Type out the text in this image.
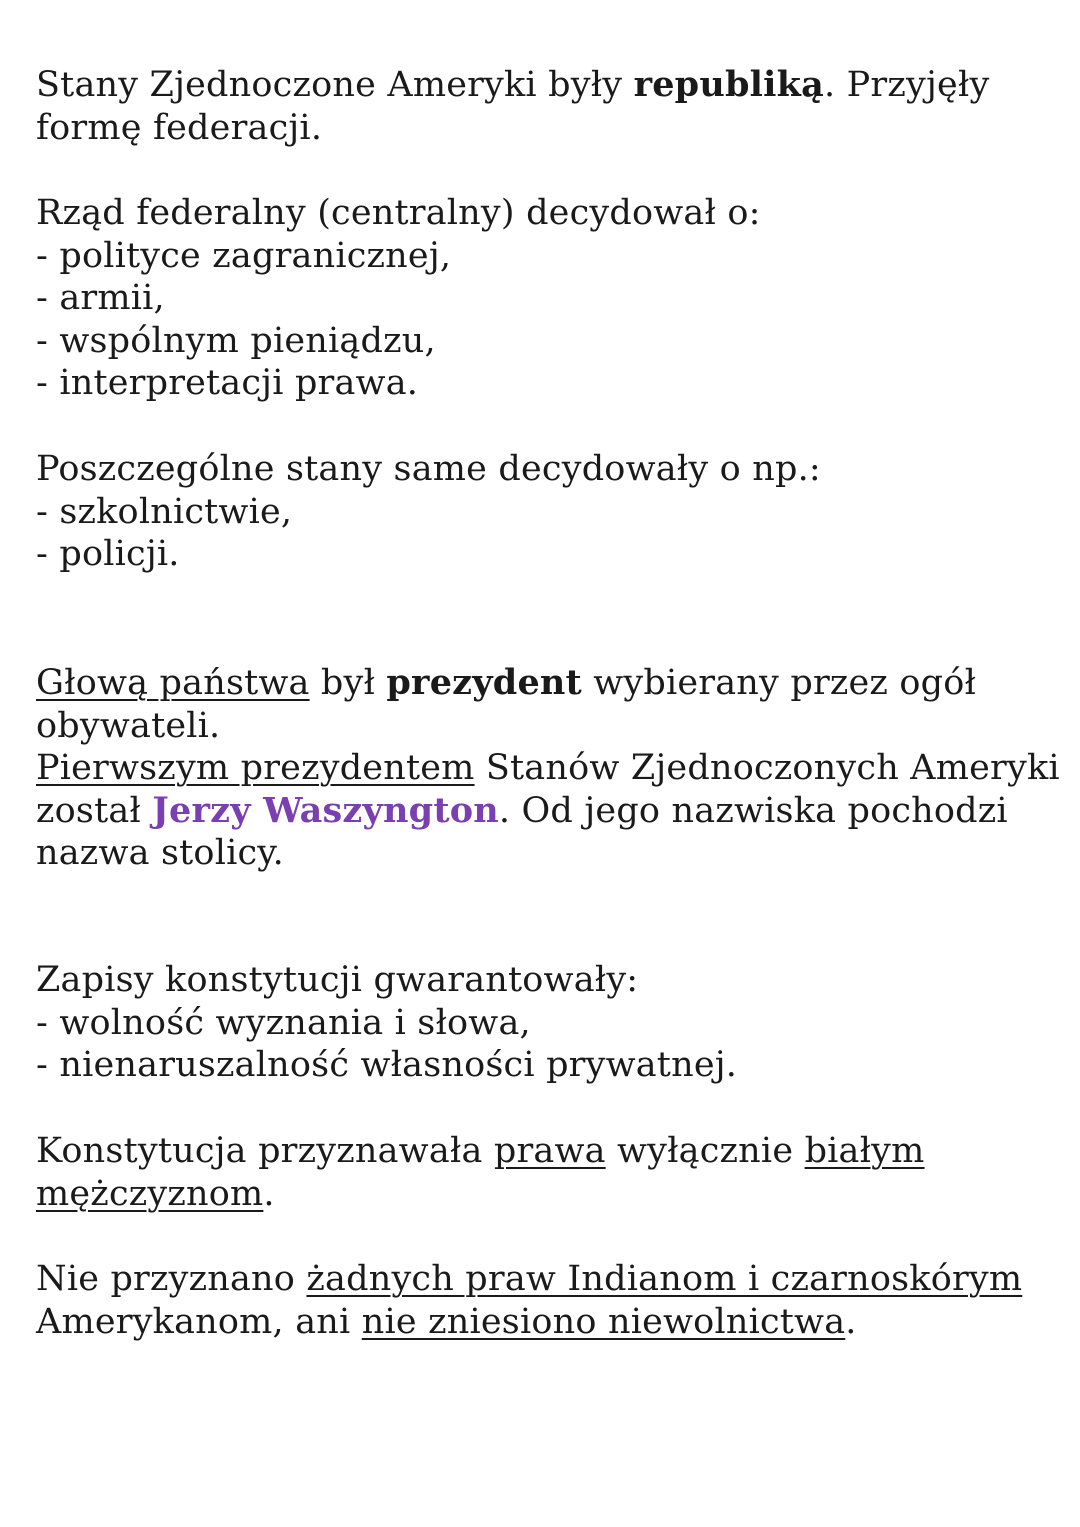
Stany Zjednoczone Ameryki były republiką. Przyjęły
formę federacji.
Rząd federalny (centralny) decydował o:
- polityce zagranicznej,
- armii,
- wspólnym pieniądzu,
- interpretacji prawa.
Poszczególne stany same decydowały o np.:
- szkolnictwie,
- policji.
Głową państwa był prezydent wybierany przez ogół
obywateli.
Pierwszym prezydentem Stanów Zjednoczonych Ameryki
został Jerzy Waszyngton. Od jego nazwiska pochodzi
nazwa stolicy.
Zapisy konstytucji gwarantowały:
- wolność wyznania i słowa,
- nienaruszalność własności prywatnej.
Konstytucja przyznawała prawa wyłącznie białym
mężczyznom.
Nie przyznano żadnych praw Indianom i czarnoskórym
Amerykanom, ani nie zniesiono niewolnictwa.
